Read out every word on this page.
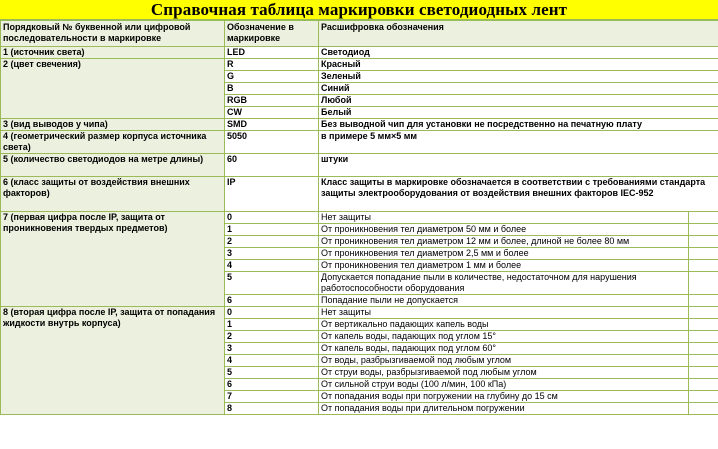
Справочная таблица маркировки светодиодных лент
Порядковый № буквенной или цифровой последовательности в маркировке	Обозначение в маркировке	Расшифровка обозначения	
1 (источник света)	LED	Светодиод	
2 (цвет свечения)	R	Красный	
	G	Зеленый	
	B	Синий	
	RGB	Любой	
	CW	Белый	
3 (вид выводов у чипа)	SMD	Без выводной чип для установки не посредственно на печатную плату	
4 (геометрический размер корпуса источника света)	5050	в примере 5 мм×5 мм	
5 (количество светодиодов на метре длины)	60	штуки	
6 (класс защиты от воздействия внешних факторов)	IP	Класс защиты в маркировке обозначается в соответствии с требованиями стандарта защиты электрооборудования от воздействия внешних факторов IEC-952	
7 (первая цифра после IP, защита от проникновения твердых предметов)	0	Нет защиты	
	1	От проникновения тел диаметром 50 мм и более	
	2	От проникновения тел диаметром 12 мм и более, длиной не более 80 мм	
	3	От проникновения тел диаметром 2,5 мм и более	
	4	От проникновения тел диаметром 1 мм и более	
	5	Допускается попадание пыли в количестве, недостаточном для нарушения работоспособности оборудования	
	6	Попадание пыли не допускается	
8 (вторая цифра после IP, защита от попадания жидкости внутрь корпуса)	0	Нет защиты	
	1	От вертикально падающих капель воды	
	2	От капель воды, падающих под углом 15°	
	3	От капель воды, падающих под углом 60°	
	4	От воды, разбрызгиваемой под любым углом	
	5	От струи воды, разбрызгиваемой под любым углом	
	6	От сильной струи воды (100 л/мин, 100 кПа)	
	7	От попадания воды при погружении на глубину до 15 см	
	8	От попадания воды при длительном погружении	
